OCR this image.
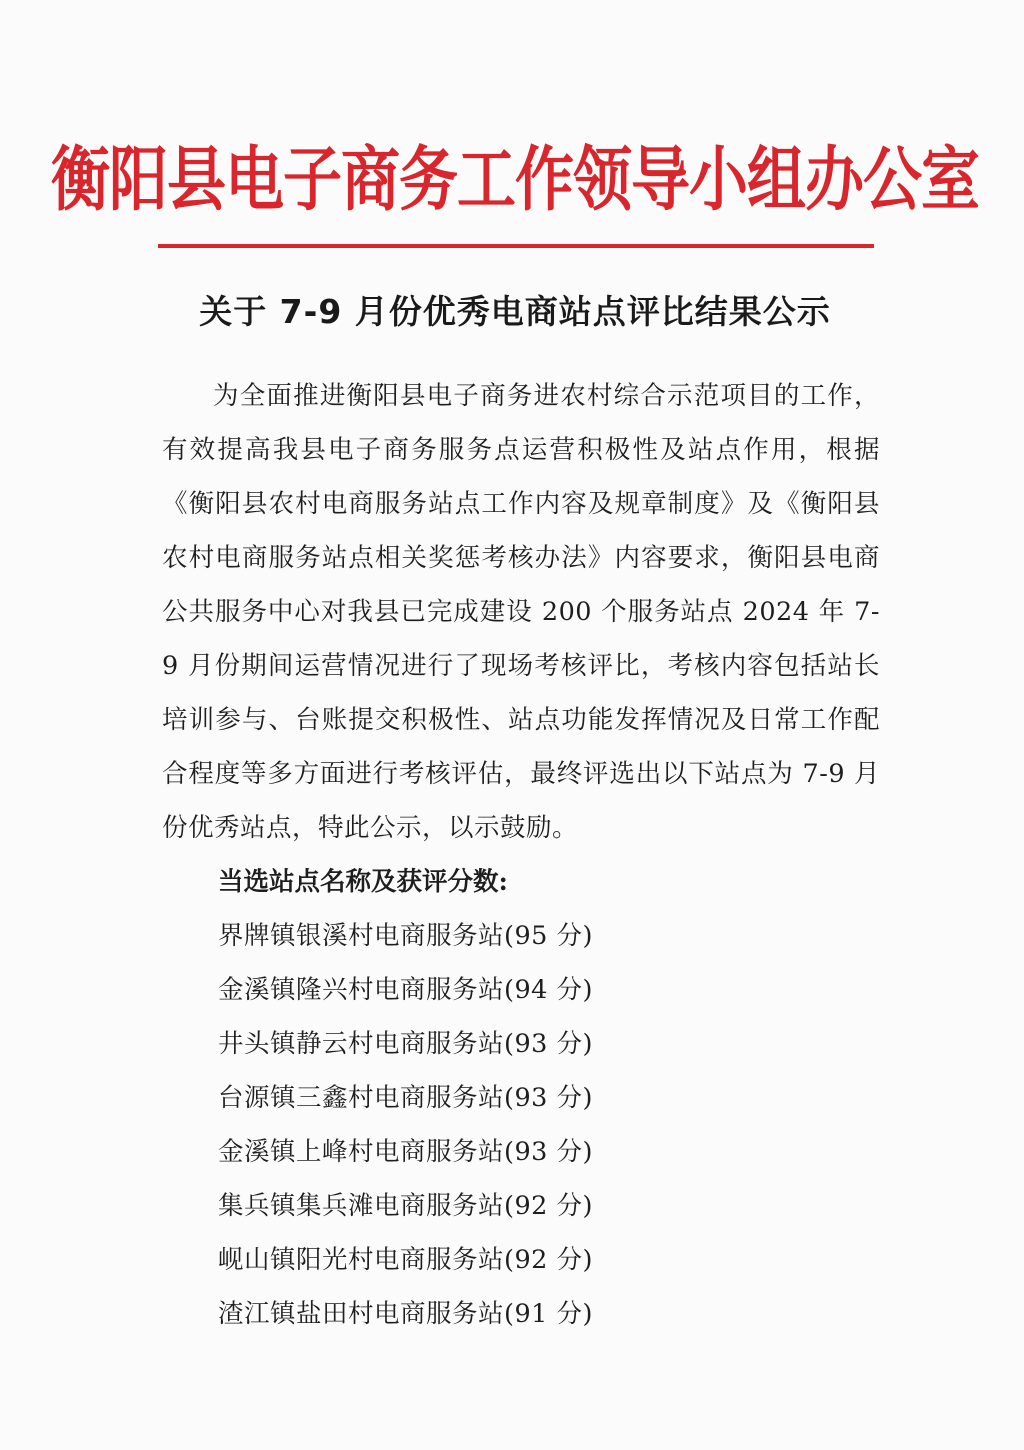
衡阳县电子商务工作领导小组办公室
关于 7-9 月份优秀电商站点评比结果公示

为全面推进衡阳县电子商务进农村综合示范项目的工作，有效提高我县电子商务服务点运营积极性及站点作用，根据《衡阳县农村电商服务站点工作内容及规章制度》及《衡阳县农村电商服务站点相关奖惩考核办法》内容要求，衡阳县电商公共服务中心对我县已完成建设 200 个服务站点 2024 年 7-9 月份期间运营情况进行了现场考核评比，考核内容包括站长培训参与、台账提交积极性、站点功能发挥情况及日常工作配合程度等多方面进行考核评估，最终评选出以下站点为 7-9 月份优秀站点，特此公示，以示鼓励。

当选站点名称及获评分数:
界牌镇银溪村电商服务站(95 分)
金溪镇隆兴村电商服务站(94 分)
井头镇静云村电商服务站(93 分)
台源镇三鑫村电商服务站(93 分)
金溪镇上峰村电商服务站(93 分)
集兵镇集兵滩电商服务站(92 分)
岘山镇阳光村电商服务站(92 分)
渣江镇盐田村电商服务站(91 分)
